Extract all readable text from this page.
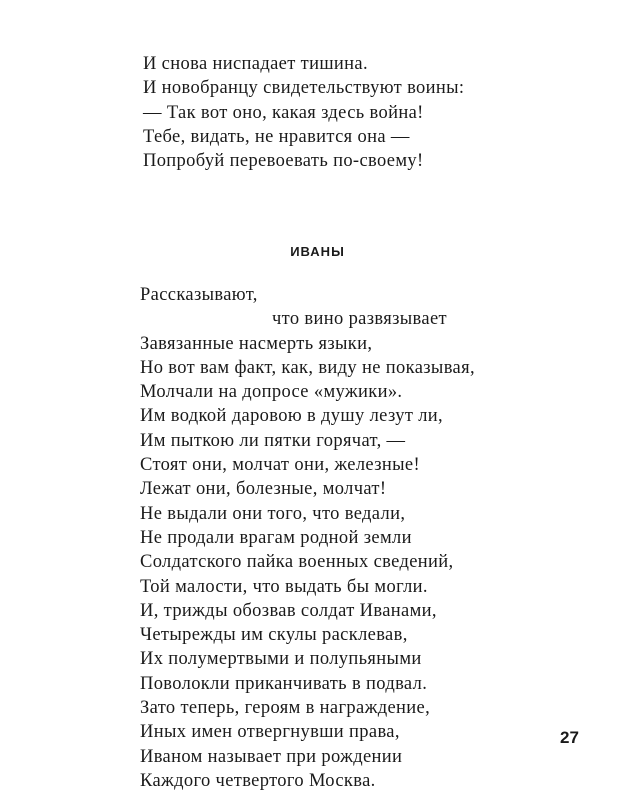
И снова ниспадает тишина.
И новобранцу свидетельствуют воины:
— Так вот оно, какая здесь война!
Тебе, видать, не нравится она —
Попробуй перевоевать по-своему!
ИВАНЫ
Рассказывают,
что вино развязывает
Завязанные насмерть языки,
Но вот вам факт, как, виду не показывая,
Молчали на допросе «мужики».
Им водкой даровою в душу лезут ли,
Им пыткою ли пятки горячат, —
Стоят они, молчат они, железные!
Лежат они, болезные, молчат!
Не выдали они того, что ведали,
Не продали врагам родной земли
Солдатского пайка военных сведений,
Той малости, что выдать бы могли.
И, трижды обозвав солдат Иванами,
Четырежды им скулы расклевав,
Их полумертвыми и полупьяными
Поволокли приканчивать в подвал.
Зато теперь, героям в награждение,
Иных имен отвергнувши права,
Иваном называет при рождении
Каждого четвертого Москва.
27
